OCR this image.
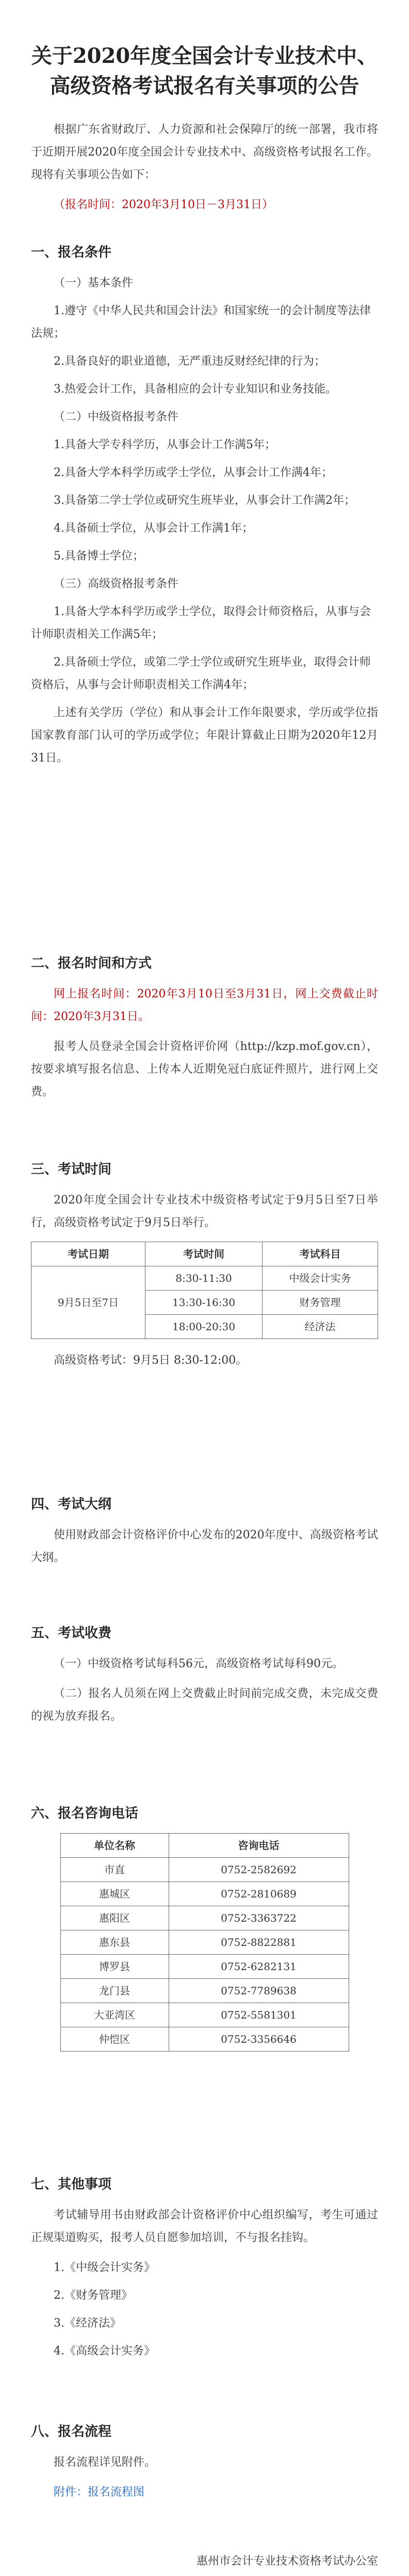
关于2020年度全国会计专业技术中、高级资格考试报名有关事项的公告

根据广东省财政厅、人力资源和社会保障厅的统一部署，我市将于近期开展2020年度全国会计专业技术中、高级资格考试报名工作。现将有关事项公告如下：

（报名时间：2020年3月10日－3月31日）

一、报名条件

（一）基本条件

1.遵守《中华人民共和国会计法》和国家统一的会计制度等法律法规；

2.具备良好的职业道德，无严重违反财经纪律的行为；

3.热爱会计工作，具备相应的会计专业知识和业务技能。

（二）中级资格报考条件

1.具备大学专科学历，从事会计工作满5年；

2.具备大学本科学历或学士学位，从事会计工作满4年；

3.具备第二学士学位或研究生班毕业，从事会计工作满2年；

4.具备硕士学位，从事会计工作满1年；

5.具备博士学位；

（三）高级资格报考条件

1.具备大学本科学历或学士学位，取得会计师资格后，从事与会计师职责相关工作满5年；

2.具备硕士学位，或第二学士学位或研究生班毕业，取得会计师资格后，从事与会计师职责相关工作满4年；

上述有关学历（学位）和从事会计工作年限要求，学历或学位指国家教育部门认可的学历或学位；年限计算截止日期为2020年12月31日。

二、报名时间和方式

网上报名时间：2020年3月10日至3月31日，网上交费截止时间：2020年3月31日。

报考人员登录全国会计资格评价网（http://kzp.mof.gov.cn），按要求填写报名信息、上传本人近期免冠白底证件照片，进行网上交费。

三、考试时间

2020年度全国会计专业技术中级资格考试定于9月5日至7日举行，高级资格考试定于9月5日举行。

考试日期	考试时间	考试科目
9月5日至7日	8:30-11:30	中级会计实务
	13:30-16:30	财务管理
	18:00-20:30	经济法

高级资格考试：9月5日 8:30-12:00。

四、考试大纲

使用财政部会计资格评价中心发布的2020年度中、高级资格考试大纲。

五、考试收费

（一）中级资格考试每科56元，高级资格考试每科90元。

（二）报名人员须在网上交费截止时间前完成交费，未完成交费的视为放弃报名。

六、报名咨询电话

单位名称	咨询电话
市直	0752-2582692
惠城区	0752-2810689
惠阳区	0752-3363722
惠东县	0752-8822881
博罗县	0752-6282131
龙门县	0752-7789638
大亚湾区	0752-5581301
仲恺区	0752-3356646

七、其他事项

考试辅导用书由财政部会计资格评价中心组织编写，考生可通过正规渠道购买，报考人员自愿参加培训，不与报名挂钩。

1.《中级会计实务》

2.《财务管理》

3.《经济法》

4.《高级会计实务》

八、报名流程

报名流程详见附件。

附件：报名流程图

惠州市会计专业技术资格考试办公室
